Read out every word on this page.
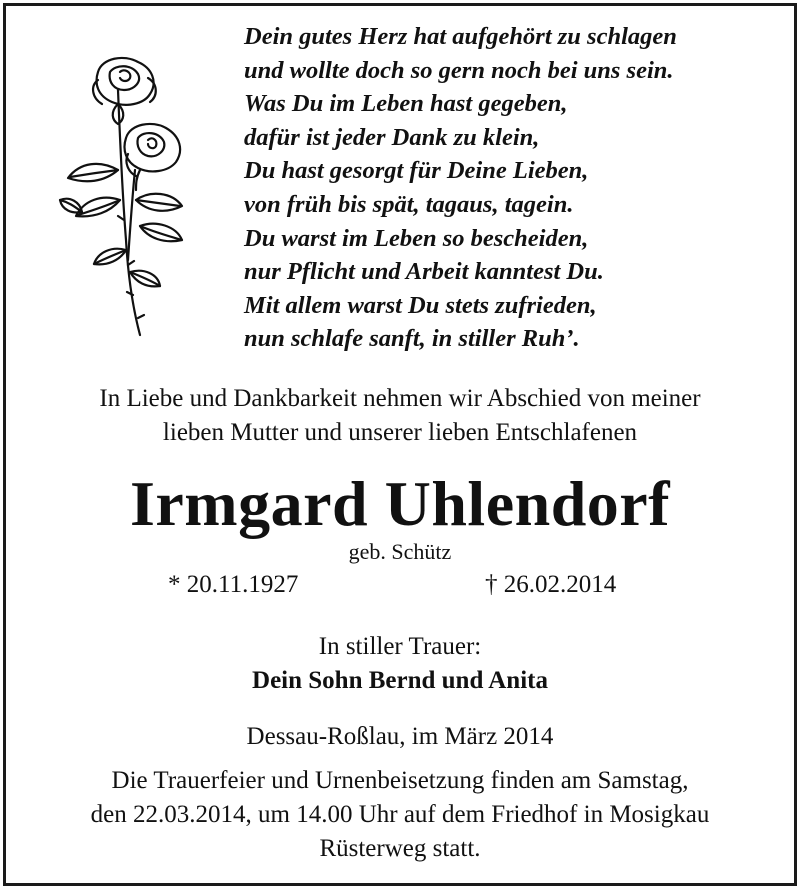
Dein gutes Herz hat aufgehört zu schlagen
und wollte doch so gern noch bei uns sein.
Was Du im Leben hast gegeben,
dafür ist jeder Dank zu klein,
Du hast gesorgt für Deine Lieben,
von früh bis spät, tagaus, tagein.
Du warst im Leben so bescheiden,
nur Pflicht und Arbeit kanntest Du.
Mit allem warst Du stets zufrieden,
nun schlafe sanft, in stiller Ruh’.
In Liebe und Dankbarkeit nehmen wir Abschied von meiner
lieben Mutter und unserer lieben Entschlafenen
Irmgard Uhlendorf
geb. Schütz
* 20.11.1927	† 26.02.2014
In stiller Trauer:
Dein Sohn Bernd und Anita
Dessau-Roßlau, im März 2014
Die Trauerfeier und Urnenbeisetzung finden am Samstag,
den 22.03.2014, um 14.00 Uhr auf dem Friedhof in Mosigkau
Rüsterweg statt.
